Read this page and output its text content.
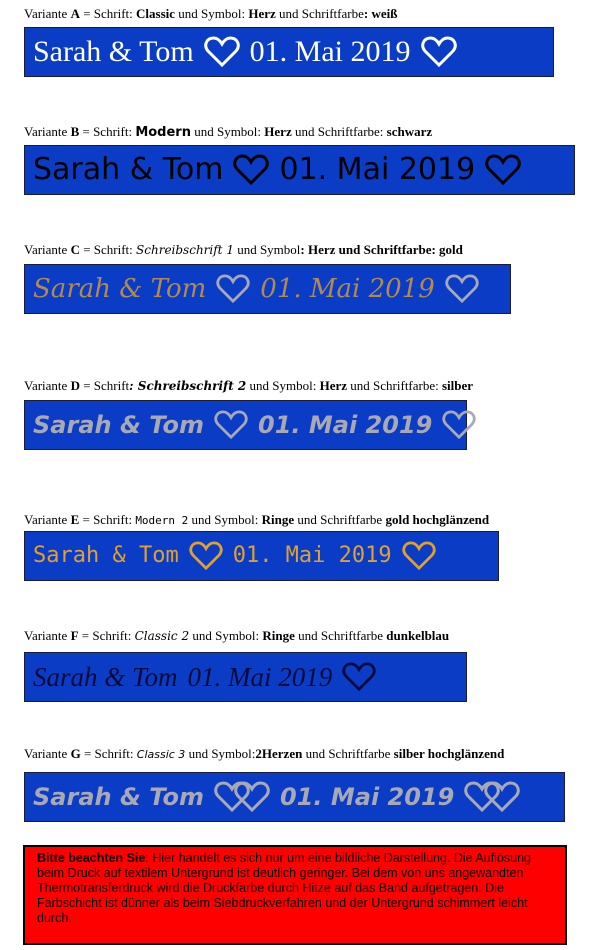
Variante A = Schrift: Classic und Symbol: Herz und Schriftfarbe: weiß
Sarah & Tom 01. Mai 2019
Variante B = Schrift: Modern und Symbol: Herz und Schriftfarbe: schwarz
Sarah & Tom 01. Mai 2019
Variante C = Schrift: Schreibschrift 1 und Symbol: Herz und Schriftfarbe: gold
Sarah & Tom 01. Mai 2019
Variante D = Schrift: Schreibschrift 2 und Symbol: Herz und Schriftfarbe: silber
Sarah & Tom 01. Mai 2019
Variante E = Schrift: Modern 2 und Symbol: Ringe und Schriftfarbe gold hochglänzend
Sarah & Tom 01. Mai 2019
Variante F = Schrift: Classic 2 und Symbol: Ringe und Schriftfarbe dunkelblau
Sarah & Tom 01. Mai 2019
Variante G = Schrift: Classic 3 und Symbol:2Herzen und Schriftfarbe silber hochglänzend
Sarah & Tom	01. Mai 2019
Bitte beachten Sie: Hier handelt es sich nur um eine bildliche Darstellung. Die Auflösung beim Druck auf textilem Untergrund ist deutlich geringer. Bei dem von uns angewandten Thermotransferdruck wird die Druckfarbe durch Hitze auf das Band aufgetragen. Die Farbschicht ist dünner als beim Siebdruckverfahren und der Untergrund schimmert leicht durch.
